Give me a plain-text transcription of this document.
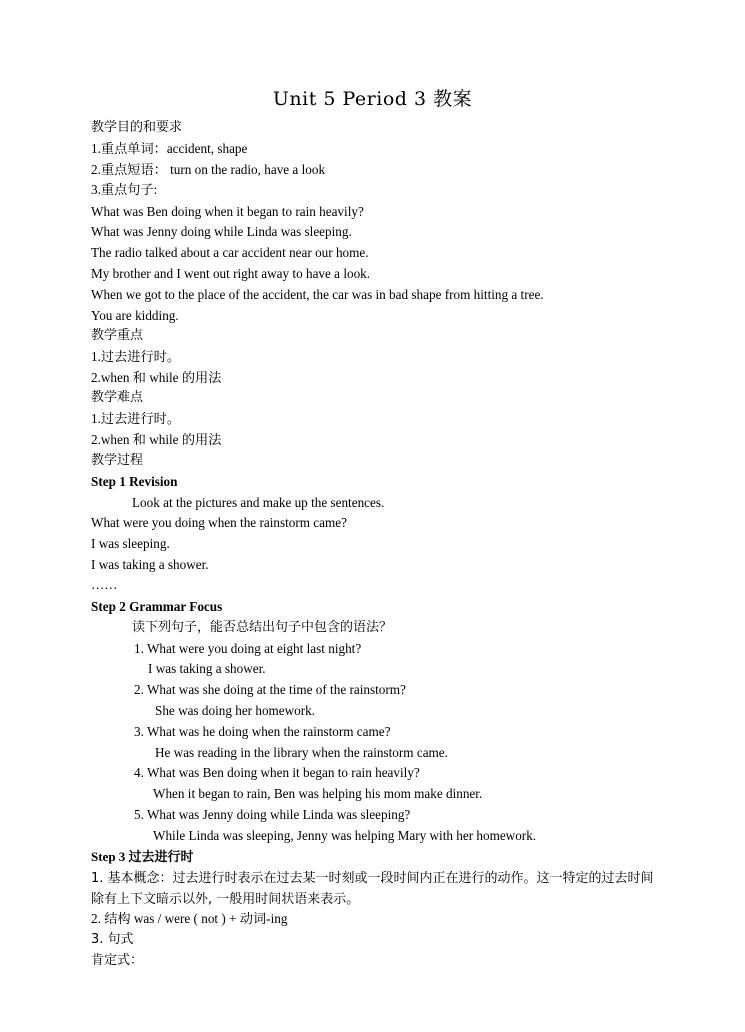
Unit 5 Period 3 教案
教学目的和要求
1.重点单词：accident, shape
2.重点短语： turn on the radio, have a look
3.重点句子:
What was Ben doing when it began to rain heavily?
What was Jenny doing while Linda was sleeping.
The radio talked about a car accident near our home.
My brother and I went out right away to have a look.
When we got to the place of the accident, the car was in bad shape from hitting a tree.
You are kidding.
教学重点
1.过去进行时。
2.when 和 while 的用法
教学难点
1.过去进行时。
2.when 和 while 的用法
教学过程
Step 1 Revision
Look at the pictures and make up the sentences.
What were you doing when the rainstorm came?
I was sleeping.
I was taking a shower.
……
Step 2 Grammar Focus
读下列句子，能否总结出句子中包含的语法？
1. What were you doing at eight last night?
I was taking a shower.
2. What was she doing at the time of the rainstorm?
She was doing her homework.
3. What was he doing when the rainstorm came?
He was reading in the library when the rainstorm came.
4. What was Ben doing when it began to rain heavily?
When it began to rain, Ben was helping his mom make dinner.
5. What was Jenny doing while Linda was sleeping?
While Linda was sleeping, Jenny was helping Mary with her homework.
Step 3 过去进行时
1. 基本概念：过去进行时表示在过去某一时刻或一段时间内正在进行的动作。这一特定的过去时间除有上下文暗示以外, 一般用时间状语来表示。
2. 结构 was / were ( not ) + 动词-ing
3. 句式
肯定式：
